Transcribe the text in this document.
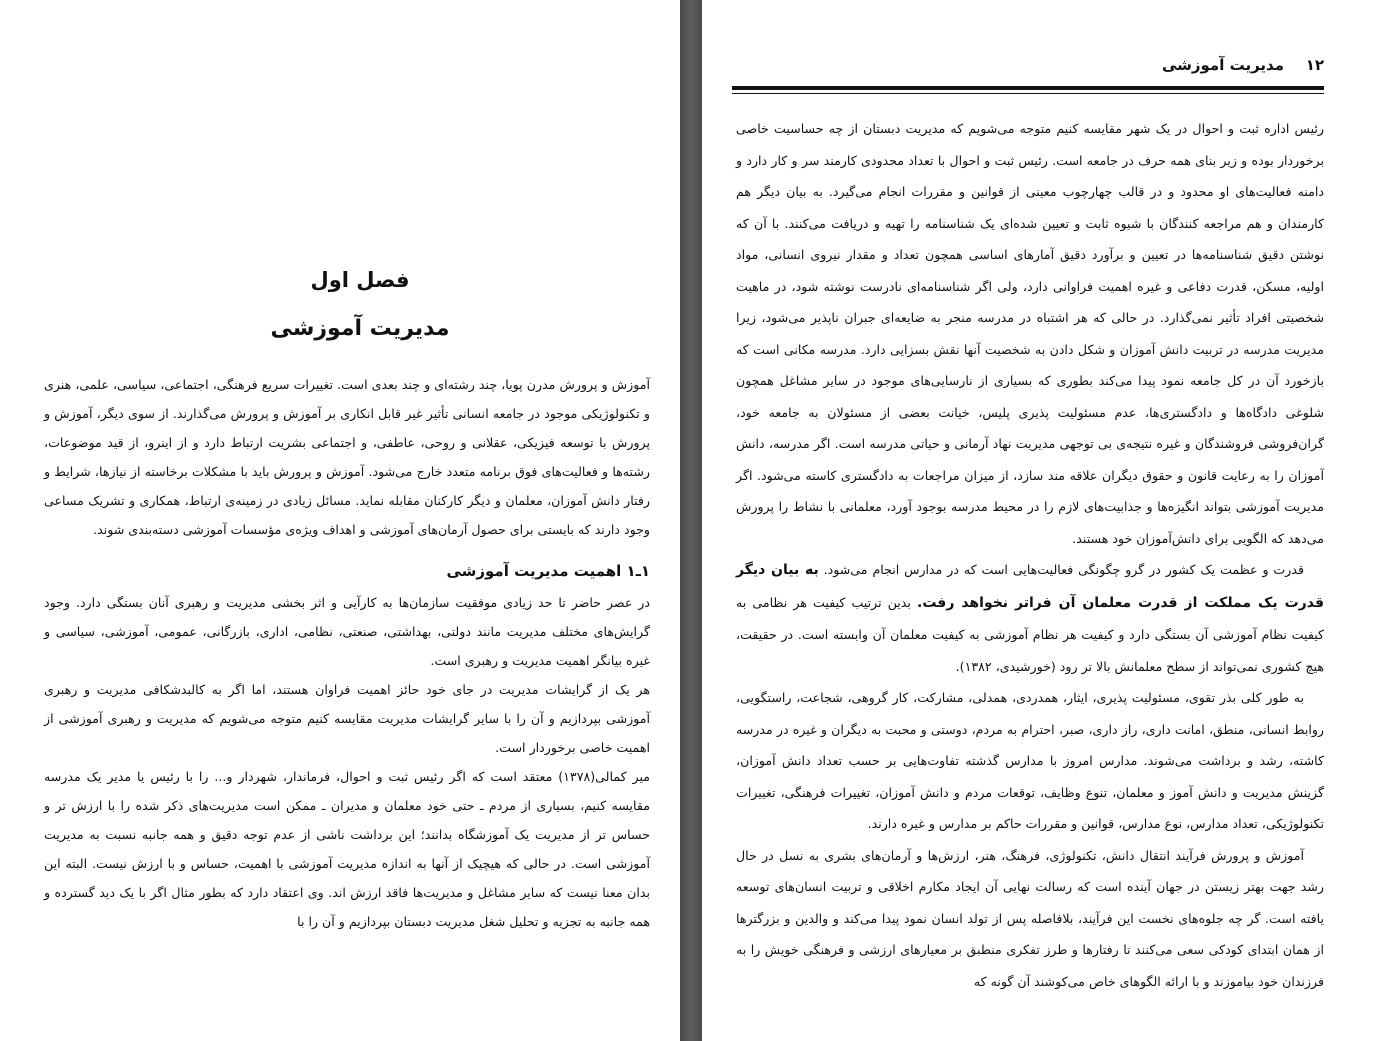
فصل اول
مدیریت آموزشی

آموزش و پرورش مدرن پویا، چند رشته‌ای و چند بعدی است. تغییرات سریع فرهنگی، اجتماعی، سیاسی، علمی، هنری و تکنولوژیکی موجود در جامعه انسانی تأثیر غیر قابل انکاری بر آموزش و پرورش می‌گذارند. از سوی دیگر، آموزش و پرورش با توسعه فیزیکی، عقلانی و روحی، عاطفی، و اجتماعی بشریت ارتباط دارد و از اینرو، از قید موضوعات، رشته‌ها و فعالیت‌های فوق برنامه متعدد خارج می‌شود. آموزش و پرورش باید با مشکلات برخاسته از نیازها، شرایط و رفتار دانش آموزان، معلمان و دیگر کارکنان مقابله نماید. مسائل زیادی در زمینه‌ی ارتباط، همکاری و تشریک مساعی وجود دارند که بایستی برای حصول آرمان‌های آموزشی و اهداف ویژه‌ی مؤسسات آموزشی دسته‌بندی شوند.

۱ـ۱ اهمیت مدیریت آموزشی

در عصر حاضر تا حد زیادی موفقیت سازمان‌ها به کارآیی و اثر بخشی مدیریت و رهبری آنان بستگی دارد. وجود گرایش‌های مختلف مدیریت مانند دولتی، بهداشتی، صنعتی، نظامی، اداری، بازرگانی، عمومی، آموزشی، سیاسی و غیره بیانگر اهمیت مدیریت و رهبری است.

هر یک از گرایشات مدیریت در جای خود حائز اهمیت فراوان هستند، اما اگر به کالبدشکافی مدیریت و رهبری آموزشی بپردازیم و آن را با سایر گرایشات مدیریت مقایسه کنیم متوجه می‌شویم که مدیریت و رهبری آموزشی از اهمیت خاصی برخوردار است.

میر کمالی(۱۳۷۸) معتقد است که اگر رئیس ثبت و احوال، فرماندار، شهردار و... را با رئیس یا مدیر یک مدرسه مقایسه کنیم، بسیاری از مردم ـ حتی خود معلمان و مدیران ـ ممکن است مدیریت‌های ذکر شده را با ارزش تر و حساس تر از مدیریت یک آموزشگاه بدانند؛ این برداشت ناشی از عدم توجه دقیق و همه جانبه نسبت به مدیریت آموزشی است. در حالی که هیچیک از آنها به اندازه مدیریت آموزشی با اهمیت، حساس و با ارزش نیست. البته این بدان معنا نیست که سایر مشاغل و مدیریت‌ها فاقد ارزش اند. وی اعتقاد دارد که بطور مثال اگر با یک دید گسترده و همه جانبه به تجزیه و تحلیل شغل مدیریت دبستان بپردازیم و آن را با

۱۲
مدیریت آموزشی

رئیس اداره ثبت و احوال در یک شهر مقایسه کنیم متوجه می‌شویم که مدیریت دبستان از چه حساسیت خاصی برخوردار بوده و زیر بنای همه حرف در جامعه است. رئیس ثبت و احوال با تعداد محدودی کارمند سر و کار دارد و دامنه فعالیت‌های او محدود و در قالب چهارچوب معینی از قوانین و مقررات انجام می‌گیرد. به بیان دیگر هم کارمندان و هم مراجعه کنندگان با شیوه ثابت و تعیین شده‌ای یک شناسنامه را تهیه و دریافت می‌کنند. با آن که نوشتن دقیق شناسنامه‌ها در تعیین و برآورد دقیق آمارهای اساسی همچون تعداد و مقدار نیروی انسانی، مواد اولیه، مسکن، قدرت دفاعی و غیره اهمیت فراوانی دارد، ولی اگر شناسنامه‌ای نادرست نوشته شود، در ماهیت شخصیتی افراد تأثیر نمی‌گذارد. در حالی که هر اشتباه در مدرسه منجر به ضایعه‌ای جبران ناپذیر می‌شود، زیرا مدیریت مدرسه در تربیت دانش آموزان و شکل دادن به شخصیت آنها نقش بسزایی دارد. مدرسه مکانی است که بازخورد آن در کل جامعه نمود پیدا می‌کند بطوری که بسیاری از نارسایی‌های موجود در سایر مشاغل همچون شلوغی دادگاه‌ها و دادگستری‌ها، عدم مسئولیت پذیری پلیس، خیانت بعضی از مسئولان به جامعه خود، گران‌فروشی فروشندگان و غیره نتیجه‌ی بی توجهی مدیریت نهاد آرمانی و حیاتی مدرسه است. اگر مدرسه، دانش آموزان را به رعایت قانون و حقوق دیگران علاقه مند سازد، از میزان مراجعات به دادگستری کاسته می‌شود. اگر مدیریت آموزشی بتواند انگیزه‌ها و جذابیت‌های لازم را در محیط مدرسه بوجود آورد، معلمانی با نشاط را پرورش می‌دهد که الگویی برای دانش‌آموزان خود هستند.

قدرت و عظمت یک کشور در گرو چگونگی فعالیت‌هایی است که در مدارس انجام می‌شود. به بیان دیگر قدرت یک مملکت از قدرت معلمان آن فراتر نخواهد رفت. بدین ترتیب کیفیت هر نظامی به کیفیت نظام آموزشی آن بستگی دارد و کیفیت هر نظام آموزشی به کیفیت معلمان آن وابسته است. در حقیقت، هیچ کشوری نمی‌تواند از سطح معلمانش بالا تر رود (خورشیدی، ۱۳۸۲).

به طور کلی بذر تقوی، مسئولیت پذیری، ایثار، همدردی، همدلی، مشارکت، کار گروهی، شجاعت، راستگویی، روابط انسانی، منطق، امانت داری، راز داری، صبر، احترام به مردم، دوستی و محبت به دیگران و غیره در مدرسه کاشته، رشد و برداشت می‌شوند. مدارس امروز با مدارس گذشته تفاوت‌هایی بر حسب تعداد دانش آموزان، گزینش مدیریت و دانش آموز و معلمان، تنوع وظایف، توقعات مردم و دانش آموزان، تغییرات فرهنگی، تغییرات تکنولوژیکی، تعداد مدارس، نوع مدارس، قوانین و مقررات حاکم بر مدارس و غیره دارند.

آموزش و پرورش فرآیند انتقال دانش، تکنولوژی، فرهنگ، هنر، ارزش‌ها و آرمان‌های بشری به نسل در حال رشد جهت بهتر زیستن در جهان آینده است که رسالت نهایی آن ایجاد مکارم اخلاقی و تربیت انسان‌های توسعه یافته است. گر چه جلوه‌های نخست این فرآیند، بلافاصله پس از تولد انسان نمود پیدا می‌کند و والدین و بزرگترها از همان ابتدای کودکی سعی می‌کنند تا رفتارها و طرز تفکری منطبق بر معیارهای ارزشی و فرهنگی خویش را به فرزندان خود بیاموزند و با ارائه الگوهای خاص می‌کوشند آن گونه که
